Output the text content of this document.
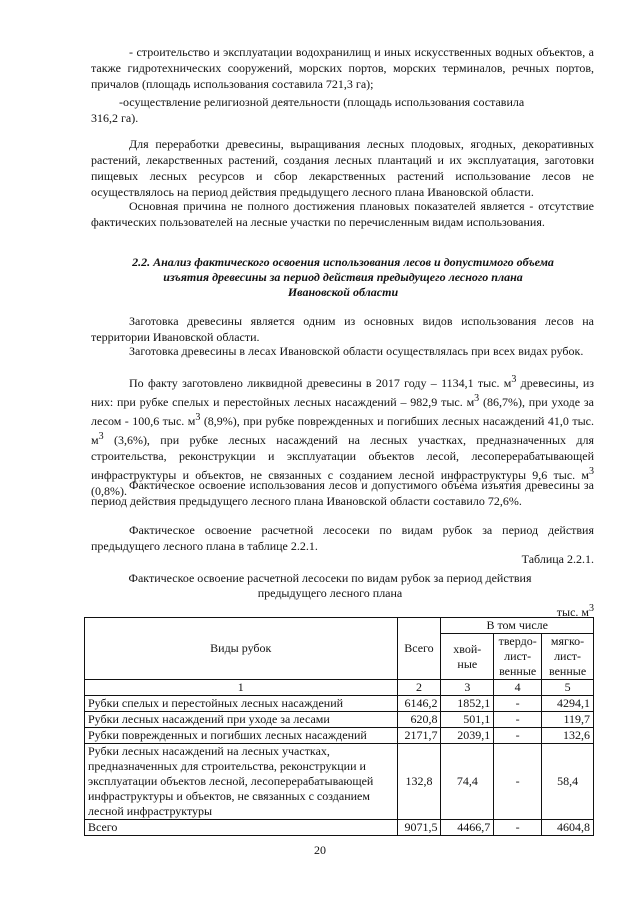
- строительство и эксплуатации водохранилищ и иных искусственных водных объектов, а также гидротехнических сооружений, морских портов, морских терминалов, речных портов, причалов (площадь использования составила 721,3 га);

-осуществление религиозной деятельности (площадь использования составила

316,2 га).

Для переработки древесины, выращивания лесных плодовых, ягодных, декоративных растений, лекарственных растений, создания лесных плантаций и их эксплуатация, заготовки пищевых лесных ресурсов и сбор лекарственных растений использование лесов не осуществлялось на период действия предыдущего лесного плана Ивановской области.

Основная причина не полного достижения плановых показателей является - отсутствие фактических пользователей на лесные участки по перечисленным видам использования.

2.2. Анализ фактического освоения использования лесов и допустимого объема
изъятия древесины за период действия предыдущего лесного плана
Ивановской области

Заготовка древесины является одним из основных видов использования лесов на территории Ивановской области.

Заготовка древесины в лесах Ивановской области осуществлялась при всех видах рубок.

По факту заготовлено ликвидной древесины в 2017 году – 1134,1 тыс. $м^3$ древесины, из них: при рубке спелых и перестойных лесных насаждений – 982,9 тыс. $м^3$ (86,7%), при уходе за лесом - 100,6 тыс. $м^3$ (8,9%), при рубке поврежденных и погибших лесных насаждений 41,0 тыс. $м^3$ (3,6%), при рубке лесных насаждений на лесных участках, предназначенных для строительства, реконструкции и эксплуатации объектов лесой, лесоперерабатывающей инфраструктуры и объектов, не связанных с созданием лесной инфраструктуры 9,6 тыс. $м^3$ (0,8%). Фактическое освоение использования лесов и допустимого объема изъятия древесины за период действия предыдущего лесного плана Ивановской области составило 72,6%.

Фактическое освоение расчетной лесосеки по видам рубок за период действия предыдущего лесного плана в таблице 2.2.1.

Таблица 2.2.1.

Фактическое освоение расчетной лесосеки по видам рубок за период действия предыдущего лесного плана

тыс. $м^3$
Виды рубок	Всего	В том числе		
		хвой-ные	твердо-лист-венные	мягко-лист-венные
1	2	3	4	5
Рубки спелых и перестойных лесных насаждений	6146,2	1852,1	-	4294,1
Рубки лесных насаждений при уходе за лесами	620,8	501,1	-	119,7
Рубки поврежденных и погибших лесных насаждений	2171,7	2039,1	-	132,6
Рубки лесных насаждений на лесных участках, предназначенных для строительства, реконструкции и эксплуатации объектов лесной, лесоперерабатывающей инфраструктуры и объектов, не связанных с созданием лесной инфраструктуры	132,8	74,4	-	58,4
Всего	9071,5	4466,7	-	4604,8
20
